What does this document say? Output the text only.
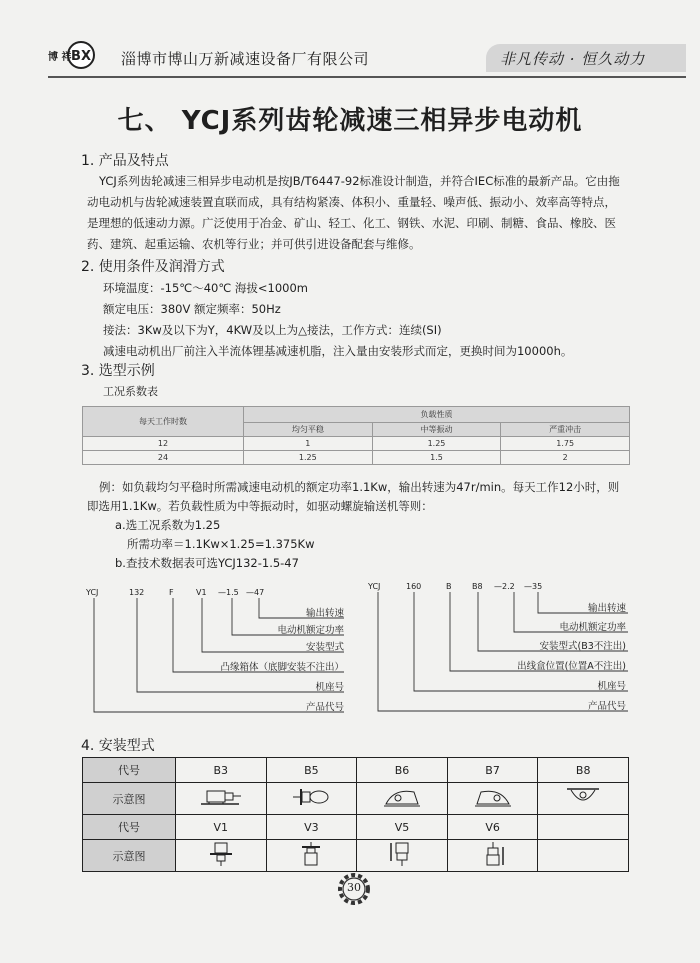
BX
博 祥	淄博市博山万新减速设备厂有限公司	非凡传动 · 恒久动力
七、 YCJ系列齿轮减速三相异步电动机
1. 产品及特点
YCJ系列齿轮减速三相异步电动机是按JB/T6447-92标准设计制造，并符合IEC标准的最新产品。它由拖
动电动机与齿轮减速装置直联而成，具有结构紧凑、体积小、重量轻、噪声低、振动小、效率高等特点，
是理想的低速动力源。广泛使用于冶金、矿山、轻工、化工、钢铁、水泥、印刷、制糖、食品、橡胶、医
药、建筑、起重运输、农机等行业；并可供引进设备配套与维修。
2. 使用条件及润滑方式
环境温度：-15℃～40℃ 海拔<1000m
额定电压：380V 额定频率：50Hz
接法：3Kw及以下为Y，4KW及以上为△接法，工作方式：连续(SI)
减速电动机出厂前注入半流体锂基减速机脂，注入量由安装形式而定，更换时间为10000h。
3. 选型示例
工况系数表
每天工作时数	负载性质		
	均匀平稳	中等振动	严重冲击
12	1	1.25	1.75
24	1.25	1.5	2
例：如负载均匀平稳时所需减速电动机的额定功率1.1Kw，输出转速为47r/min。每天工作12小时，则
即选用1.1Kw。若负载性质为中等振动时，如驱动螺旋输送机等则：
a.选工况系数为1.25
所需功率＝1.1Kw×1.25=1.375Kw
b.查技术数据表可选YCJ132-1.5-47
YCJ	132	F	V1 —1.5 —47
输出转速
电动机额定功率
安装型式
凸缘箱体（底脚安装不注出）
机座号
产品代号
YCJ	160	B	B8 —2.2 —35
输出转速
电动机额定功率
安装型式(B3不注出)
出线盒位置(位置A不注出)
机座号
产品代号
4. 安装型式
代号	B3	B5	B6	B7	B8
示意图					
代号	V1	V3	V5	V6	
示意图					
30
